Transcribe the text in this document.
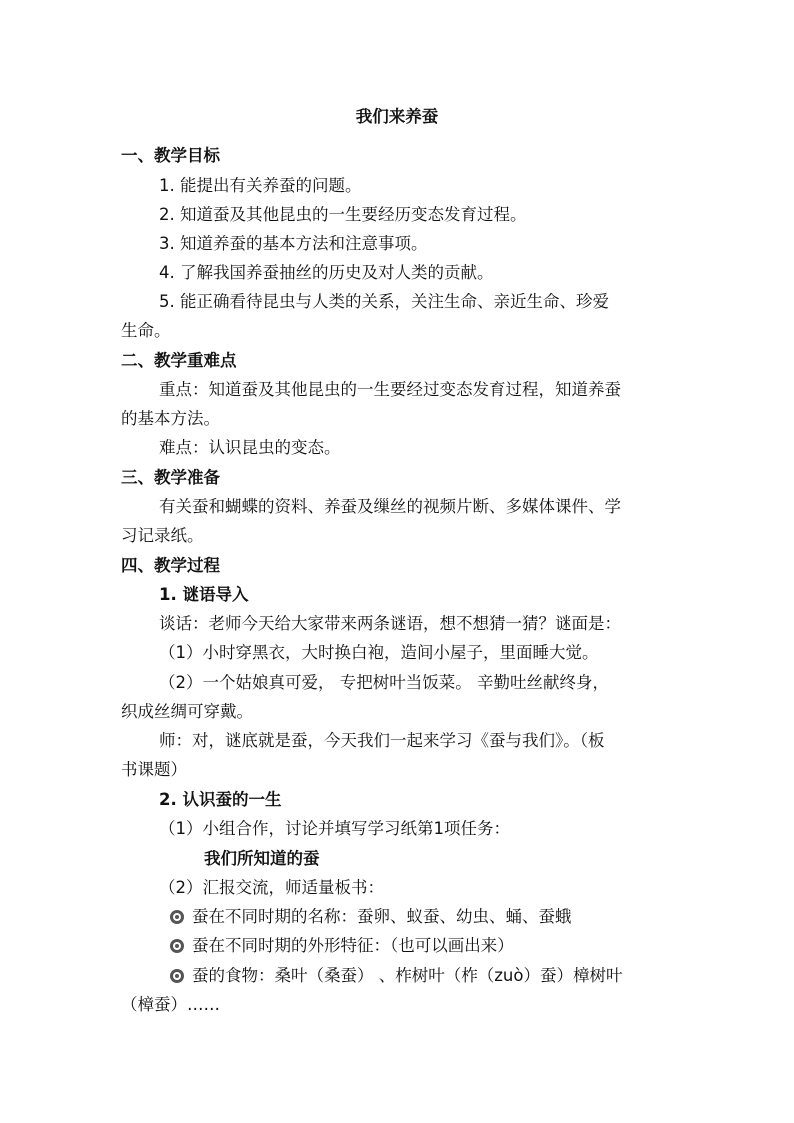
我们来养蚕
一、教学目标
1. 能提出有关养蚕的问题。
2. 知道蚕及其他昆虫的一生要经历变态发育过程。
3. 知道养蚕的基本方法和注意事项。
4. 了解我国养蚕抽丝的历史及对人类的贡献。
5. 能正确看待昆虫与人类的关系，关注生命、亲近生命、珍爱
生命。
二、教学重难点
重点：知道蚕及其他昆虫的一生要经过变态发育过程，知道养蚕
的基本方法。
难点：认识昆虫的变态。
三、教学准备
有关蚕和蝴蝶的资料、养蚕及缫丝的视频片断、多媒体课件、学
习记录纸。
四、教学过程
1. 谜语导入
谈话：老师今天给大家带来两条谜语，想不想猜一猜？谜面是：
（1）小时穿黑衣，大时换白袍，造间小屋子，里面睡大觉。
（2）一个姑娘真可爱， 专把树叶当饭菜。 辛勤吐丝献终身，
织成丝绸可穿戴。
师：对，谜底就是蚕，今天我们一起来学习《蚕与我们》。（板
书课题）
2. 认识蚕的一生
（1）小组合作，讨论并填写学习纸第1项任务：
我们所知道的蚕
（2）汇报交流，师适量板书：
蚕在不同时期的名称：蚕卵、蚁蚕、幼虫、蛹、蚕蛾
蚕在不同时期的外形特征：（也可以画出来）
蚕的食物：桑叶（桑蚕） 、柞树叶（柞（zuò）蚕）樟树叶
（樟蚕）……
